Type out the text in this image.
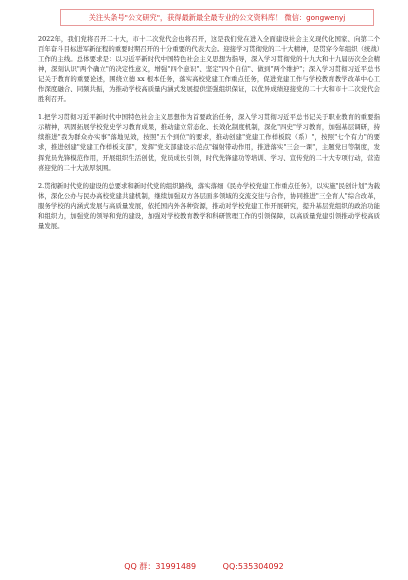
关注头条号"公文研究"，获得最新最全最专业的公文资料库！ 微信：gongwenyj

2022年，我们党将召开二十大，市十二次党代会也将召开，这是我们党在进入全面建设社会主义现代化国家、向第二个百年奋斗目标进军新征程的重要时期召开的十分重要的代表大会。迎接学习贯彻党的二十大精神，是贯穿今年组织（统战）工作的主线。总体要求是：以习近平新时代中国特色社会主义思想为指导，深入学习贯彻党的十九大和十九届历次全会精神，深刻认识"两个确立"的决定性意义，增强"四个意识"、坚定"四个自信"、做到"两个维护"；深入学习贯彻习近平总书记关于教育的重要论述，围绕立德 xx 根本任务，落实高校党建工作重点任务，促进党建工作与学校教育教学改革中心工作深度融合、同频共振，为推动学校高质量内涵式发展提供坚强组织保证，以优异成绩迎接党的二十大和市十二次党代会胜利召开。

1.把学习贯彻习近平新时代中国特色社会主义思想作为首要政治任务，深入学习贯彻习近平总书记关于职业教育的重要指示精神，巩固拓展学校党史学习教育成果，推动建立常态化、长效化制度机制，深化"四史"学习教育，加强基层调研，持续推进"我为群众办实事"落地见效，按照"五个到位"的要求，推动创建"党建工作样板院（系）"，按照"七个有力"的要求，推进创建"党建工作样板支部"，发挥"党支部建设示范点"辐射带动作用，推进落实"三会一课"，主题党日等制度，发挥党员先锋模范作用，开展组织生活创优，党员成长引领，时代先锋建功等培训、学习、宣传党的二十大专项行动，营造喜迎党的二十大浓厚氛围。

2.贯彻新时代党的建设的总要求和新时代党的组织路线，落实落细《民办学校党建工作重点任务》，以实施"民创计划"为载体，深化公办与民办高校党建共建机制，继续加强双方各层面多领域的交流交往与合作，协同推进"三全育人"综合改革，服务学校的内涵式发展与高质量发展，依托国内外各种资源，推动对学校党建工作开展研究，提升基层党组织的政治功能和组织力，加强党的领导和党的建设，加强对学校教育教学和科研管理工作的引领保障，以高质量党建引领推动学校高质量发展。

QQ 群：31991489	QQ:535304092
